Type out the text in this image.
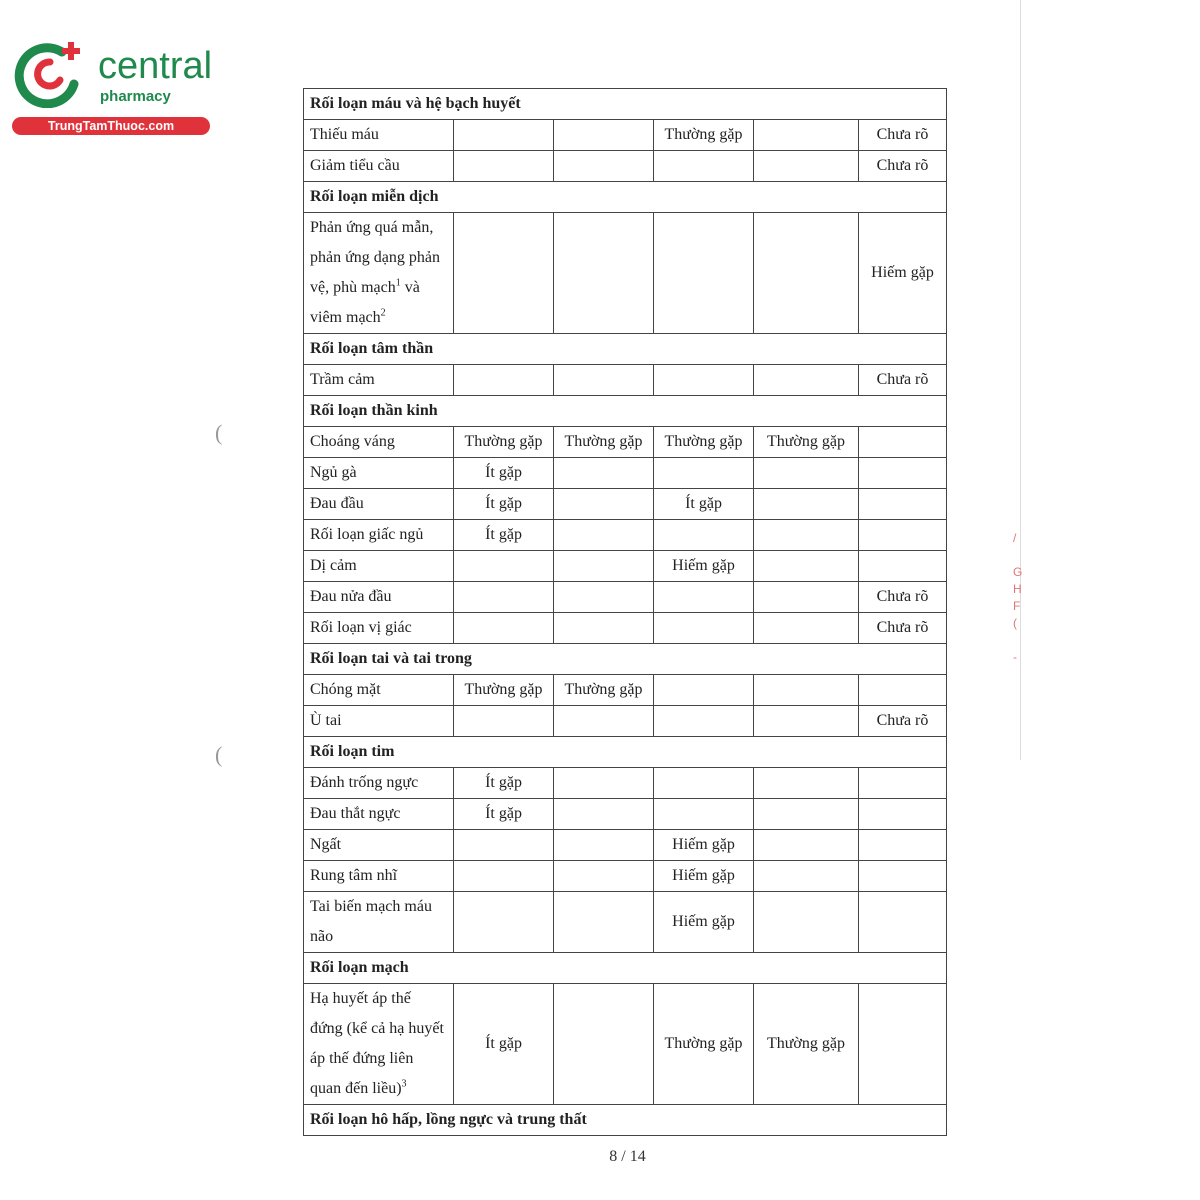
central
pharmacy
TrungTamThuoc.com
(
(
/

G
H
F
(

-
Rối loạn máu và hệ bạch huyết					
Thiếu máu			Thường gặp		Chưa rõ
Giảm tiểu cầu					Chưa rõ
Rối loạn miễn dịch					
Phản ứng quá mẫn, phản ứng dạng phản vệ, phù mạch$^1$ và viêm mạch$^2$					Hiếm gặp
Rối loạn tâm thần					
Trầm cảm					Chưa rõ
Rối loạn thần kinh					
Choáng váng	Thường gặp	Thường gặp	Thường gặp	Thường gặp	
Ngủ gà	Ít gặp				
Đau đầu	Ít gặp		Ít gặp		
Rối loạn giấc ngủ	Ít gặp				
Dị cảm			Hiếm gặp		
Đau nửa đầu					Chưa rõ
Rối loạn vị giác					Chưa rõ
Rối loạn tai và tai trong					
Chóng mặt	Thường gặp	Thường gặp			
Ù tai					Chưa rõ
Rối loạn tim					
Đánh trống ngực	Ít gặp				
Đau thắt ngực	Ít gặp				
Ngất			Hiếm gặp		
Rung tâm nhĩ			Hiếm gặp		
Tai biến mạch máu não			Hiếm gặp		
Rối loạn mạch					
Hạ huyết áp thế đứng (kể cả hạ huyết áp thế đứng liên quan đến liều)$^3$	Ít gặp		Thường gặp	Thường gặp	
Rối loạn hô hấp, lồng ngực và trung thất					
8 / 14
